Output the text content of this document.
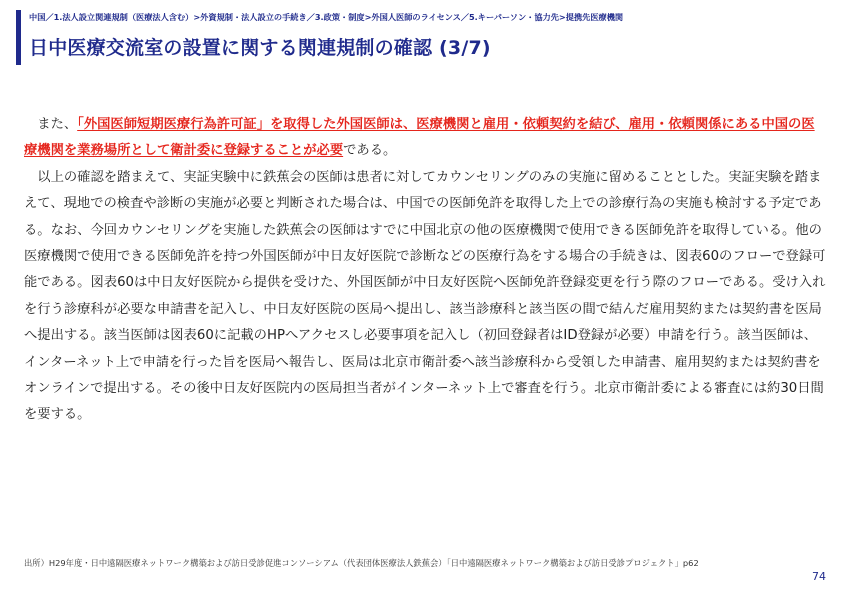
中国／1.法人設立関連規制（医療法人含む）>外資規制・法人設立の手続き／3.政策・制度>外国人医師のライセンス／5.キーパーソン・協力先>提携先医療機関
日中医療交流室の設置に関する関連規制の確認 (3/7)

また、「外国医師短期医療行為許可証」を取得した外国医師は、医療機関と雇用・依頼契約を結び、雇用・依頼関係にある中国の医療機関を業務場所として衛計委に登録することが必要である。

以上の確認を踏まえて、実証実験中に鉄蕉会の医師は患者に対してカウンセリングのみの実施に留めることとした。実証実験を踏まえて、現地での検査や診断の実施が必要と判断された場合は、中国での医師免許を取得した上での診療行為の実施も検討する予定である。なお、今回カウンセリングを実施した鉄蕉会の医師はすでに中国北京の他の医療機関で使用できる医師免許を取得している。他の医療機関で使用できる医師免許を持つ外国医師が中日友好医院で診断などの医療行為をする場合の手続きは、図表60のフローで登録可能である。図表60は中日友好医院から提供を受けた、外国医師が中日友好医院へ医師免許登録変更を行う際のフローである。受け入れを行う診療科が必要な申請書を記入し、中日友好医院の医局へ提出し、該当診療科と該当医の間で結んだ雇用契約または契約書を医局へ提出する。該当医師は図表60に記載のHPへアクセスし必要事項を記入し（初回登録者はID登録が必要）申請を行う。該当医師は、インターネット上で申請を行った旨を医局へ報告し、医局は北京市衛計委へ該当診療科から受領した申請書、雇用契約または契約書をオンラインで提出する。その後中日友好医院内の医局担当者がインターネット上で審査を行う。北京市衛計委による審査には約30日間を要する。

出所）H29年度・日中遠隔医療ネットワーク構築および訪日受診促進コンソーシアム（代表団体医療法人鉄蕉会）「日中遠隔医療ネットワーク構築および訪日受診プロジェクト」p62
74
